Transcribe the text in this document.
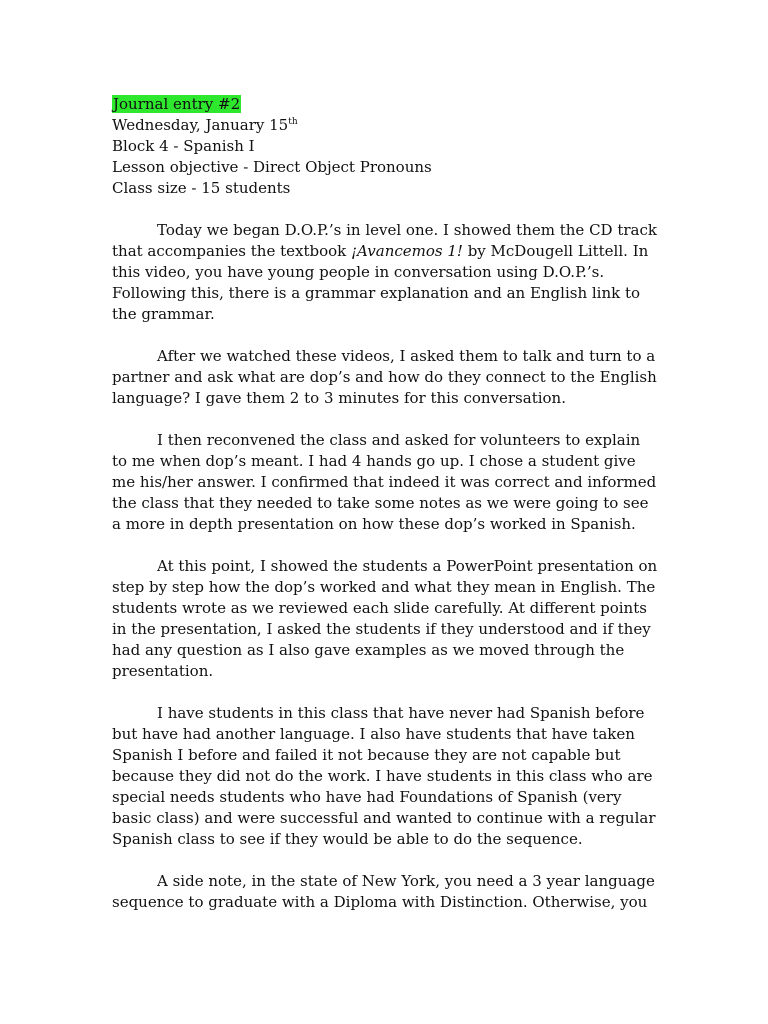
Journal entry #2
Wednesday, January 15th
Block 4 - Spanish I
Lesson objective - Direct Object Pronouns
Class size - 15 students

Today we began D.O.P.’s in level one. I showed them the CD track that accompanies the textbook ¡Avancemos 1! by McDougell Littell. In this video, you have young people in conversation using D.O.P.’s. Following this, there is a grammar explanation and an English link to the grammar.

After we watched these videos, I asked them to talk and turn to a partner and ask what are dop’s and how do they connect to the English language? I gave them 2 to 3 minutes for this conversation.

I then reconvened the class and asked for volunteers to explain to me when dop’s meant. I had 4 hands go up. I chose a student give me his/her answer. I confirmed that indeed it was correct and informed the class that they needed to take some notes as we were going to see a more in depth presentation on how these dop’s worked in Spanish.

At this point, I showed the students a PowerPoint presentation on step by step how the dop’s worked and what they mean in English. The students wrote as we reviewed each slide carefully. At different points in the presentation, I asked the students if they understood and if they had any question as I also gave examples as we moved through the presentation.

I have students in this class that have never had Spanish before but have had another language. I also have students that have taken Spanish I before and failed it not because they are not capable but because they did not do the work. I have students in this class who are special needs students who have had Foundations of Spanish (very basic class) and were successful and wanted to continue with a regular Spanish class to see if they would be able to do the sequence.

A side note, in the state of New York, you need a 3 year language sequence to graduate with a Diploma with Distinction. Otherwise, you
